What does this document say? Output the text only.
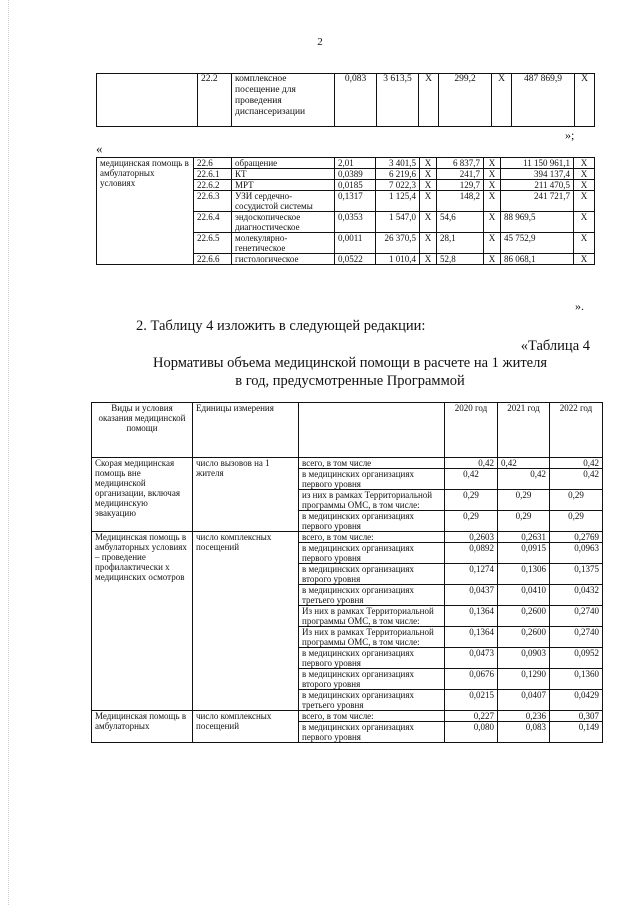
2
	22.2	комплексное посещение для проведения диспансеризации	0,083	3 613,5	X	299,2	X	487 869,9	X
»;
«
медицинская помощь в амбулаторных условиях	22.6	обращение	2,01	3 401,5	X	6 837,7	X	11 150 961,1	X
	22.6.1	КТ	0,0389	6 219,6	X	241,7	X	394 137,4	X
	22.6.2	МРТ	0,0185	7 022,3	X	129,7	X	211 470,5	X
	22.6.3	УЗИ сердечно-сосудистой системы	0,1317	1 125,4	X	148,2	X	241 721,7	X
	22.6.4	эндоскопическое диагностическое	0,0353	1 547,0	X	54,6	X	88 969,5	X
	22.6.5	молекулярно-генетическое	0,0011	26 370,5	X	28,1	X	45 752,9	X
	22.6.6	гистологическое	0,0522	1 010,4	X	52,8	X	86 068,1	X
».
2. Таблицу 4 изложить в следующей редакции:
«Таблица 4
Нормативы объема медицинской помощи в расчете на 1 жителя
в год, предусмотренные Программой
Виды и условия оказания медицинской помощи	Единицы измерения		2020 год	2021 год	2022 год
Скорая медицинская помощь вне медицинской организации, включая медицинскую эвакуацию	число вызовов на 1 жителя	всего, в том числе	0,42	0,42	0,42
		в медицинских организациях первого уровня	0,42	0,42	0,42
		из них в рамках Территориальной программы ОМС, в том числе:	0,29	0,29	0,29
		в медицинских организациях первого уровня	0,29	0,29	0,29
Медицинская помощь в амбулаторных условиях – проведение профилактически х медицинских осмотров	число комплексных посещений	всего, в том числе:	0,2603	0,2631	0,2769
		в медицинских организациях первого уровня	0,0892	0,0915	0,0963
		в медицинских организациях второго уровня	0,1274	0,1306	0,1375
		в медицинских организациях третьего уровня	0,0437	0,0410	0,0432
		Из них в рамках Территориальной программы ОМС, в том числе:	0,1364	0,2600	0,2740
		Из них в рамках Территориальной программы ОМС, в том числе:	0,1364	0,2600	0,2740
		в медицинских организациях первого уровня	0,0473	0,0903	0,0952
		в медицинских организациях второго уровня	0,0676	0,1290	0,1360
		в медицинских организациях третьего уровня	0,0215	0,0407	0,0429
Медицинская помощь в амбулаторных	число комплексных посещений	всего, в том числе:	0,227	0,236	0,307
		в медицинских организациях первого уровня	0,080	0,083	0,149
